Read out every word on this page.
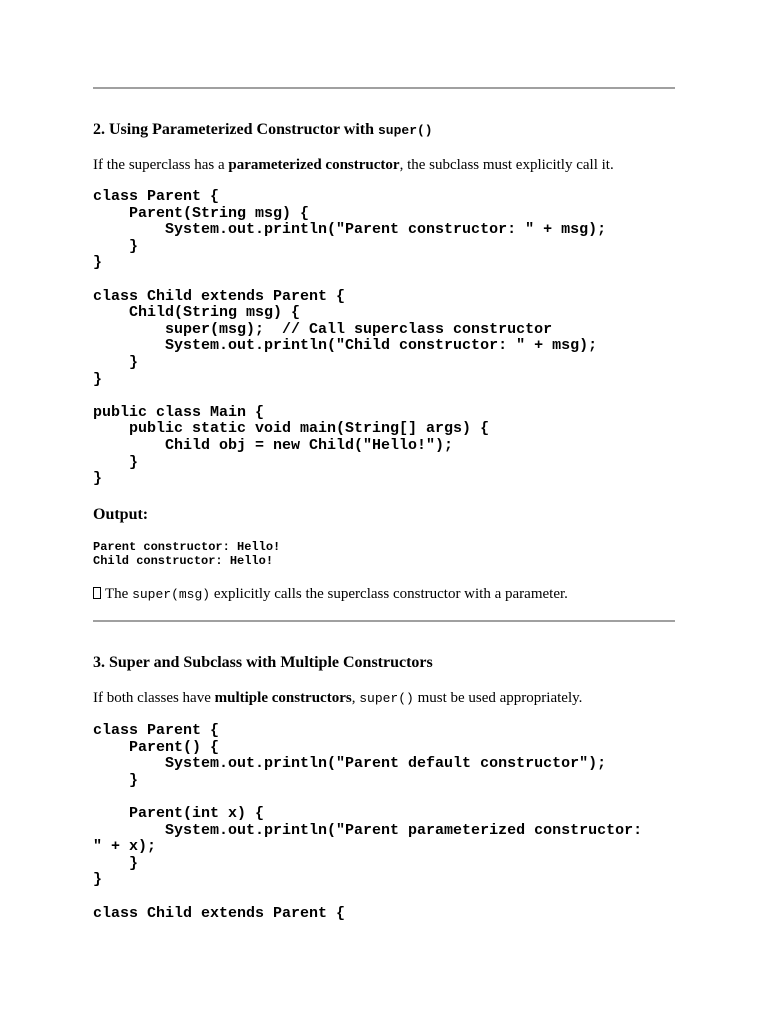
2. Using Parameterized Constructor with super()
If the superclass has a parameterized constructor, the subclass must explicitly call it.
class Parent {
Parent(String msg) {
System.out.println("Parent constructor: " + msg);
}
}

class Child extends Parent {
Child(String msg) {
super(msg);  // Call superclass constructor
System.out.println("Child constructor: " + msg);
}
}

public class Main {
public static void main(String[] args) {
Child obj = new Child("Hello!");
}
}
Output:
Parent constructor: Hello!
Child constructor: Hello!
The super(msg) explicitly calls the superclass constructor with a parameter.
3. Super and Subclass with Multiple Constructors
If both classes have multiple constructors, super() must be used appropriately.
class Parent {
Parent() {
System.out.println("Parent default constructor");
}

Parent(int x) {
System.out.println("Parent parameterized constructor:
" + x);
}
}

class Child extends Parent {
